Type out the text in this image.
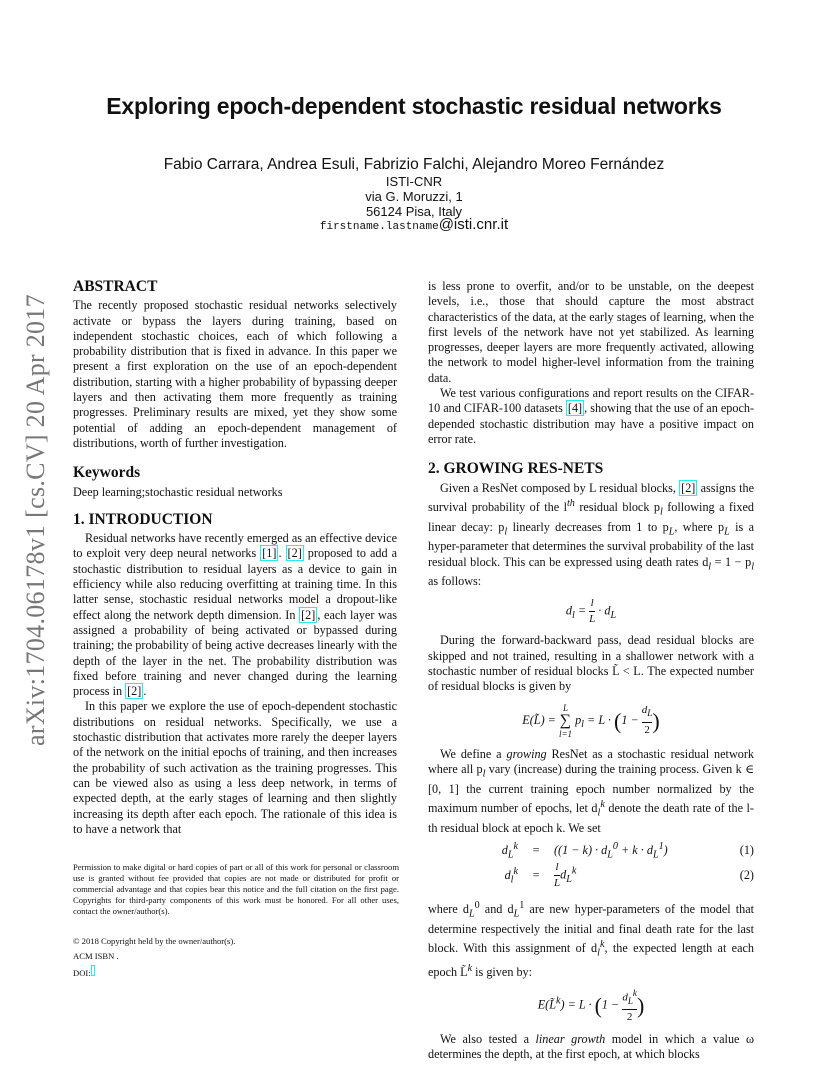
arXiv:1704.06178v1 [cs.CV] 20 Apr 2017
Exploring epoch-dependent stochastic residual networks
Fabio Carrara, Andrea Esuli, Fabrizio Falchi, Alejandro Moreo Fernández
ISTI-CNR
via G. Moruzzi, 1
56124 Pisa, Italy
firstname.lastname@isti.cnr.it
ABSTRACT

The recently proposed stochastic residual networks selectively activate or bypass the layers during training, based on independent stochastic choices, each of which following a probability distribution that is fixed in advance. In this paper we present a first exploration on the use of an epoch-dependent distribution, starting with a higher probability of bypassing deeper layers and then activating them more frequently as training progresses. Preliminary results are mixed, yet they show some potential of adding an epoch-dependent management of distributions, worth of further investigation.

Keywords

Deep learning;stochastic residual networks

1. INTRODUCTION

Residual networks have recently emerged as an effective device to exploit very deep neural networks [1] . [2] proposed to add a stochastic distribution to residual layers as a device to gain in efficiency while also reducing overfitting at training time. In this latter sense, stochastic residual networks model a dropout-like effect along the network depth dimension. In [2] , each layer was assigned a probability of being activated or bypassed during training; the probability of being active decreases linearly with the depth of the layer in the net. The probability distribution was fixed before training and never changed during the learning process in [2] .

In this paper we explore the use of epoch-dependent stochastic distributions on residual networks. Specifically, we use a stochastic distribution that activates more rarely the deeper layers of the network on the initial epochs of training, and then increases the probability of such activation as the training progresses. This can be viewed also as using a less deep network, in terms of expected depth, at the early stages of learning and then slightly increasing its depth after each epoch. The rationale of this idea is to have a network that

Permission to make digital or hard copies of part or all of this work for personal or classroom use is granted without fee provided that copies are not made or distributed for profit or commercial advantage and that copies bear this notice and the full citation on the first page. Copyrights for third-party components of this work must be honored. For all other uses, contact the owner/author(s).
© 2018 Copyright held by the owner/author(s).
ACM ISBN .
DOI:

is less prone to overfit, and/or to be unstable, on the deepest levels, i.e., those that should capture the most abstract characteristics of the data, at the early stages of learning, when the first levels of the network have not yet stabilized. As learning progresses, deeper layers are more frequently activated, allowing the network to model higher-level information from the training data.

We test various configurations and report results on the CIFAR-10 and CIFAR-100 datasets [4] , showing that the use of an epoch-depended stochastic distribution may have a positive impact on error rate.

2. GROWING RES-NETS

Given a ResNet composed by L residual blocks, [2] assigns the survival probability of the $l^{th}$ residual block $p_l$ following a fixed linear decay: $p_l$ linearly decreases from 1 to $p_L$, where $p_L$ is a hyper-parameter that determines the survival probability of the last residual block. This can be expressed using death rates $d_l = 1 - p_l$ as follows:

$d_l = \frac{l}{L} \cdot d_L$

During the forward-backward pass, dead residual blocks are skipped and not trained, resulting in a shallower network with a stochastic number of residual blocks L̃ < L. The expected number of residual blocks is given by

E(L̃) =
L
∑
l=1
$p_l = L \cdot (1 - \frac{d_L}{2}$ )

We define a growing ResNet as a stochastic residual network where all $p_l$ vary (increase) during the training process. Given k ∈ [0, 1] the current training epoch number normalized by the maximum number of epochs, let $d_l^k$ denote the death rate of the l-th residual block at epoch k. We set

$d_L^k$	=	$((1 - k) \cdot d_L^0 + k \cdot d_L^1)$	(1)
$d_l^k$	=	$\frac{l}{L} d_L^k$	(2)

where $d_L^0$ and $d_L^1$ are new hyper-parameters of the model that determine respectively the initial and final death rate for the last block. With this assignment of $d_l^k$, the expected length at each epoch L̃$^k$ is given by:

E(L̃$^k$) = $L \cdot (1 - d_L^k$
2 )

We also tested a linear growth model in which a value ω determines the depth, at the first epoch, at which blocks
